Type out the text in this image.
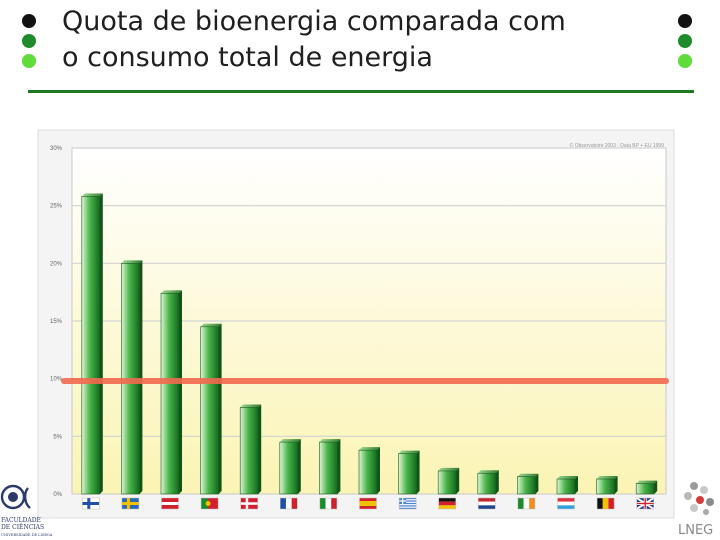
Quota de bioenergia comparada com
o consumo total de energia
0%
5%
10%
15%
20%
25%
30%	© Observatoire 2003 · Data BP + EU 1999
FACULDADE
DE CIÊNCIAS
UNIVERSIDADE DE LISBOA	LNEG
